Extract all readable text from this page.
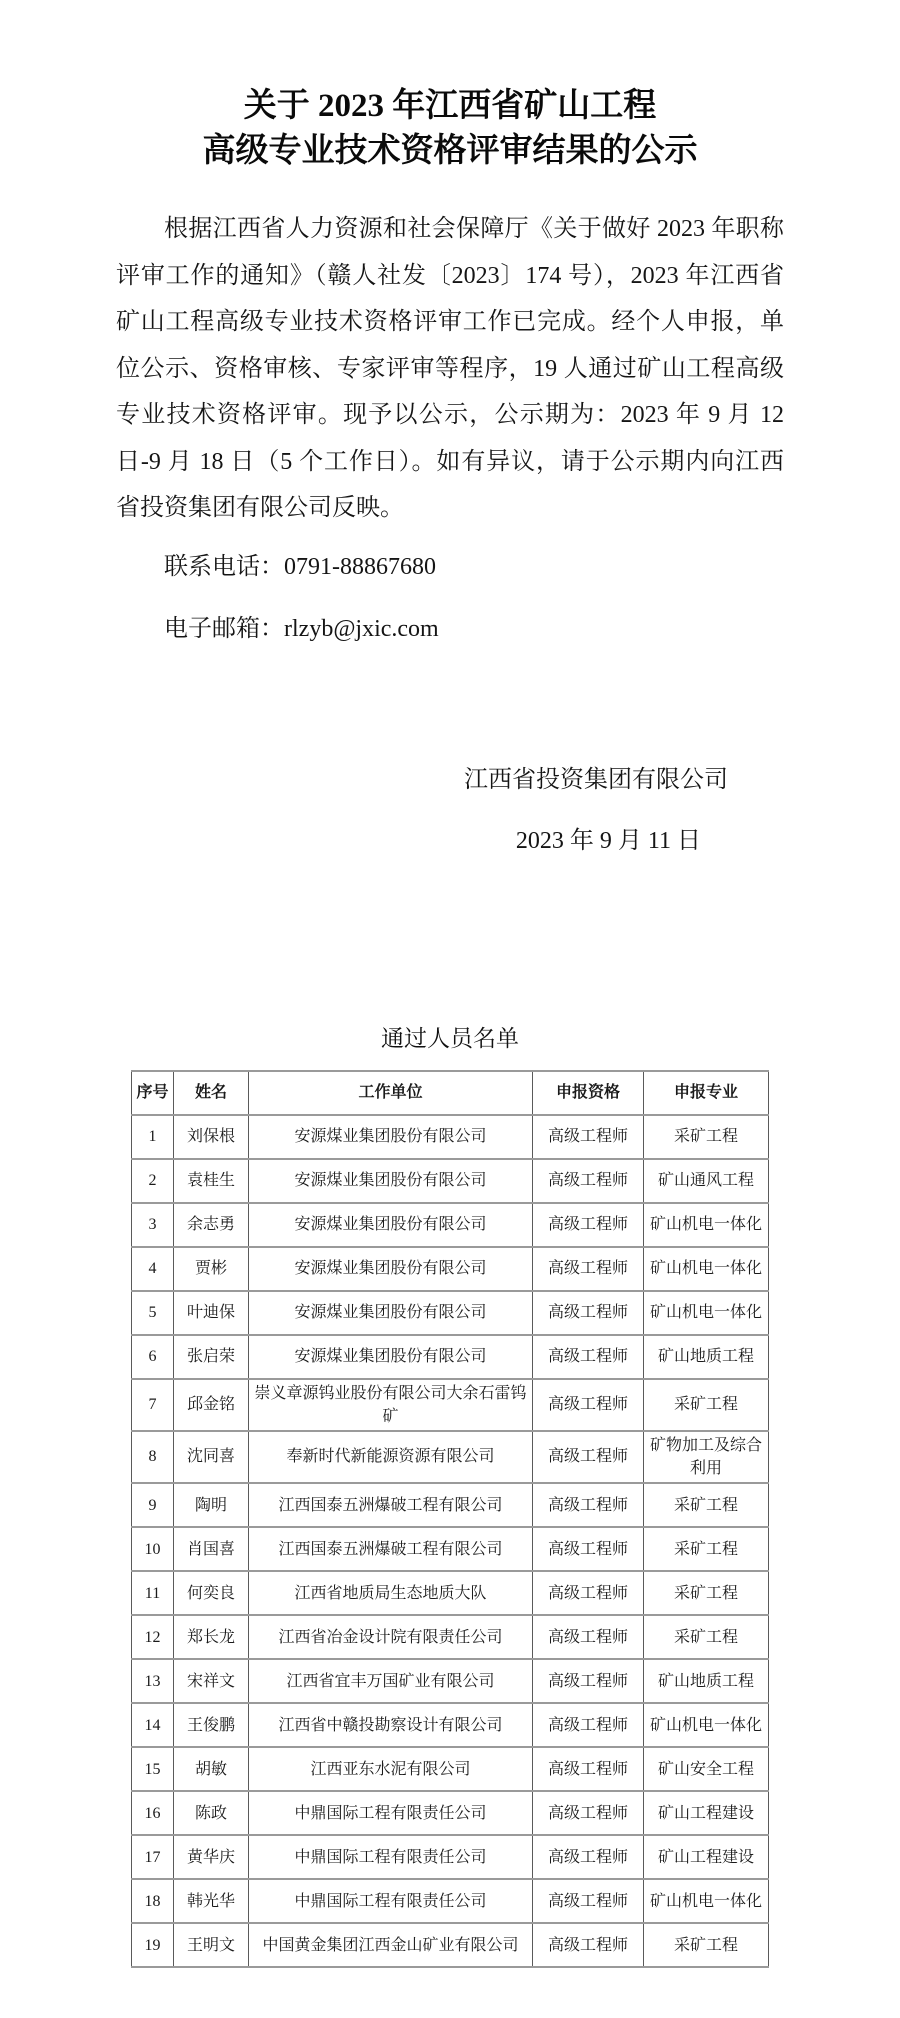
关于 2023 年江西省矿山工程
高级专业技术资格评审结果的公示
根据江西省人力资源和社会保障厅《关于做好 2023 年职称
评审工作的通知》（赣人社发〔2023〕174 号），2023 年江西省
矿山工程高级专业技术资格评审工作已完成。经个人申报，单
位公示、资格审核、专家评审等程序，19 人通过矿山工程高级
专业技术资格评审。现予以公示，公示期为：2023 年 9 月 12
日-9 月 18 日（5 个工作日）。如有异议，请于公示期内向江西
省投资集团有限公司反映。
联系电话：0791-88867680
电子邮箱：rlzyb@jxic.com
江西省投资集团有限公司
2023 年 9 月 11 日
通过人员名单
序号	姓名	工作单位	申报资格	申报专业
1	刘保根	安源煤业集团股份有限公司	高级工程师	采矿工程
2	袁桂生	安源煤业集团股份有限公司	高级工程师	矿山通风工程
3	余志勇	安源煤业集团股份有限公司	高级工程师	矿山机电一体化
4	贾彬	安源煤业集团股份有限公司	高级工程师	矿山机电一体化
5	叶迪保	安源煤业集团股份有限公司	高级工程师	矿山机电一体化
6	张启荣	安源煤业集团股份有限公司	高级工程师	矿山地质工程
7	邱金铭	崇义章源钨业股份有限公司大余石雷钨矿	高级工程师	采矿工程
8	沈同喜	奉新时代新能源资源有限公司	高级工程师	矿物加工及综合利用
9	陶明	江西国泰五洲爆破工程有限公司	高级工程师	采矿工程
10	肖国喜	江西国泰五洲爆破工程有限公司	高级工程师	采矿工程
11	何奕良	江西省地质局生态地质大队	高级工程师	采矿工程
12	郑长龙	江西省冶金设计院有限责任公司	高级工程师	采矿工程
13	宋祥文	江西省宜丰万国矿业有限公司	高级工程师	矿山地质工程
14	王俊鹏	江西省中赣投勘察设计有限公司	高级工程师	矿山机电一体化
15	胡敏	江西亚东水泥有限公司	高级工程师	矿山安全工程
16	陈政	中鼎国际工程有限责任公司	高级工程师	矿山工程建设
17	黄华庆	中鼎国际工程有限责任公司	高级工程师	矿山工程建设
18	韩光华	中鼎国际工程有限责任公司	高级工程师	矿山机电一体化
19	王明文	中国黄金集团江西金山矿业有限公司	高级工程师	采矿工程
